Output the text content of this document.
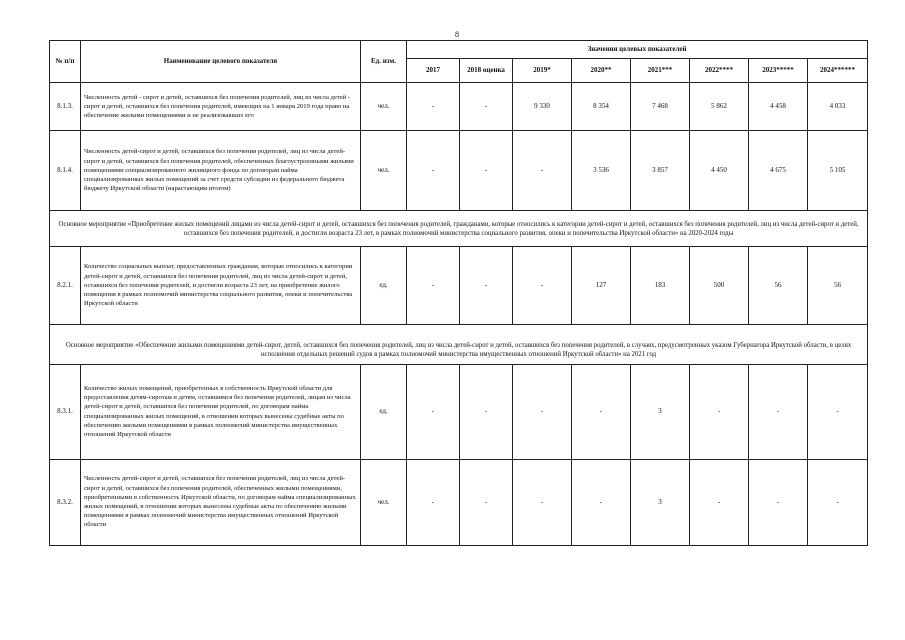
8
№ п/п	Наименование целевого показателя	Ед. изм.	Значения целевых показателей							
			2017	2018 оценка	2019*	2020**	2021***	2022****	2023*****	2024******
8.1.3.	Численность детей - сирот и детей, оставшихся без попечения родителей, лиц из числа детей - сирот и детей, оставшихся без попечения родителей, имеющих на 1 января 2019 года право на обеспечение жилыми помещениями и не реализовавших его	чел.	-	-	9 330	8 354	7 468	5 862	4 458	4 033
8.1.4.	Численность детей-сирот и детей, оставшихся без попечения родителей, лиц из числа детей-сирот и детей, оставшихся без попечения родителей, обеспеченных благоустроенными жилыми помещениями специализированного жилищного фонда по договорам найма специализированных жилых помещений за счет средств субсидии из федерального бюджета бюджету Иркутской области (нарастающим итогом)	чел.	-	-	-	3 536	3 857	4 450	4 675	5 105
Основное мероприятие «Приобретение жилых помещений лицами из числа детей-сирот и детей, оставшихся без попечения родителей, гражданами, которые относились к категории детей-сирот и детей, оставшихся без попечения родителей, лиц из числа детей-сирот и детей, оставшихся без попечения родителей, и достигли возраста 23 лет, в рамках полномочий министерства социального развития, опеки и попечительства Иркутской области» на 2020-2024 годы										
8.2.1.	Количество социальных выплат, предоставленных гражданам, которые относились к категории детей-сирот и детей, оставшихся без попечения родителей, лиц из числа детей-сирот и детей, оставшихся без попечения родителей, и достигли возраста 23 лет, на приобретение жилого помещения в рамках полномочий министерства социального развития, опеки и попечительства Иркутской области	ед.	-	-	-	127	183	500	56	56

Основное мероприятие «Обеспечение жилыми помещениями детей-сирот, детей, оставшихся без попечения родителей, лиц из числа детей-сирот и детей, оставшихся без попечения родителей, в случаях, предусмотренных указом Губернатора Иркутской области, в целях исполнения отдельных решений судов в рамках полномочий министерства имущественных отношений Иркутской области» на 2021 год										
8.3.1.	Количество жилых помещений, приобретенных в собственность Иркутской области для предоставления детям-сиротам и детям, оставшимся без попечения родителей, лицам из числа детей-сирот и детей, оставшихся без попечения родителей, по договорам найма специализированных жилых помещений, в отношении которых вынесены судебные акты по обеспечению жилыми помещениями в рамках полномочий министерства имущественных отношений Иркутской области	ед.	-	-	-	-	3	-	-	-
8.3.2.	Численность детей-сирот и детей, оставшихся без попечения родителей, лиц из числа детей-сирот и детей, оставшихся без попечения родителей, обеспеченных жилыми помещениями, приобретенными в собственность Иркутской области, по договорам найма специализированных жилых помещений, в отношении которых вынесены судебные акты по обеспечению жилыми помещениями в рамках полномочий министерства имущественных отношений Иркутской области	чел.	-	-	-	-	3	-	-	-
